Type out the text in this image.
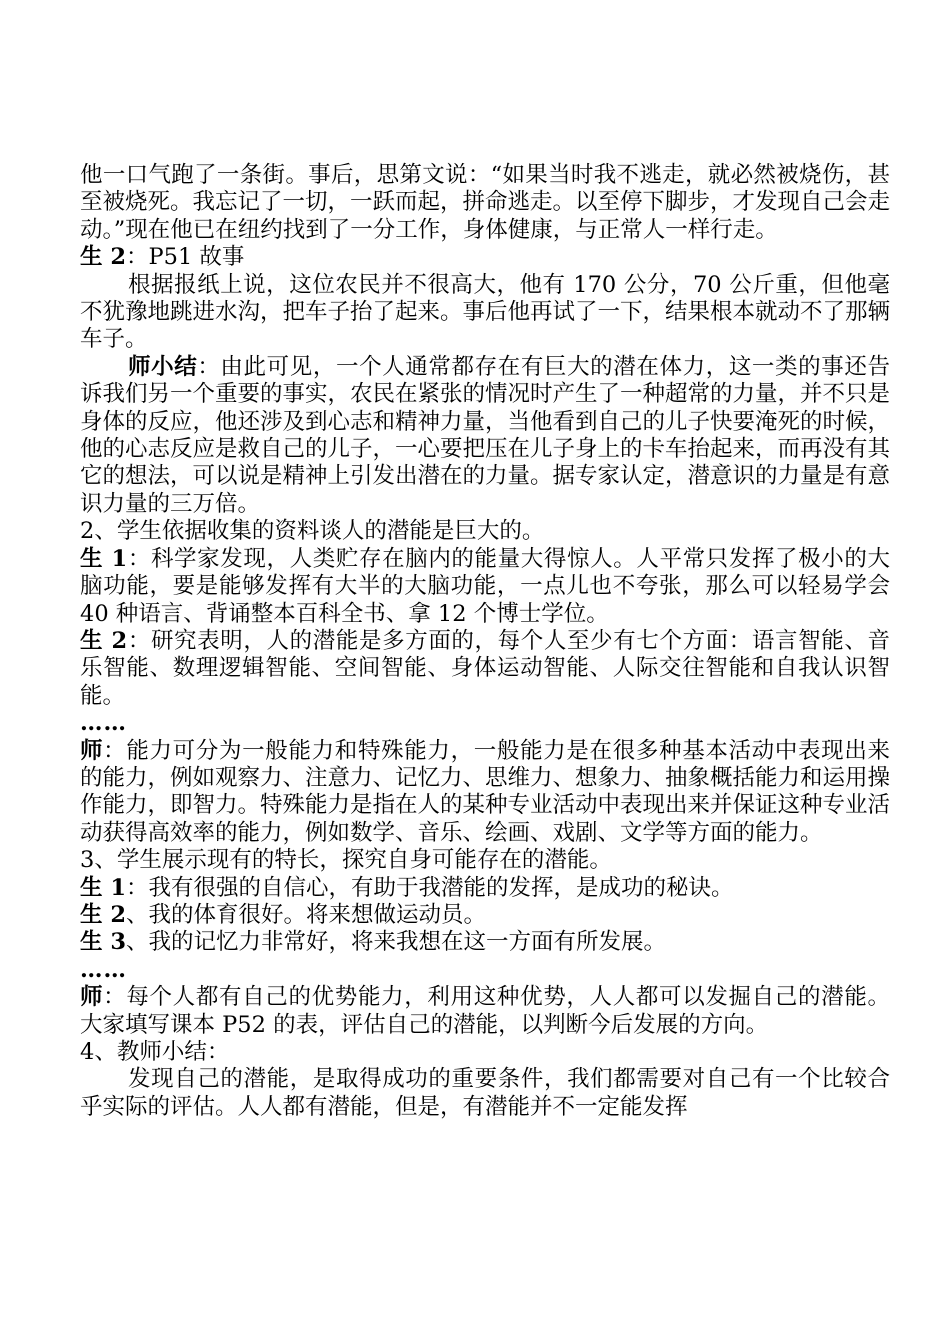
他一口气跑了一条街。事后，思第文说：“如果当时我不逃走，就必然被烧伤，甚至被烧死。我忘记了一切，一跃而起，拼命逃走。以至停下脚步，才发现自己会走动。”现在他已在纽约找到了一分工作，身体健康，与正常人一样行走。

生 2：P51 故事

根据报纸上说，这位农民并不很高大，他有 170 公分，70 公斤重，但他毫不犹豫地跳进水沟，把车子抬了起来。事后他再试了一下，结果根本就动不了那辆车子。

师小结：由此可见，一个人通常都存在有巨大的潜在体力，这一类的事还告诉我们另一个重要的事实，农民在紧张的情况时产生了一种超常的力量，并不只是身体的反应，他还涉及到心志和精神力量，当他看到自己的儿子快要淹死的时候，他的心志反应是救自己的儿子，一心要把压在儿子身上的卡车抬起来，而再没有其它的想法，可以说是精神上引发出潜在的力量。据专家认定，潜意识的力量是有意识力量的三万倍。

2、学生依据收集的资料谈人的潜能是巨大的。

生 1：科学家发现，人类贮存在脑内的能量大得惊人。人平常只发挥了极小的大脑功能，要是能够发挥有大半的大脑功能，一点儿也不夸张，那么可以轻易学会 40 种语言、背诵整本百科全书、拿 12 个博士学位。

生 2：研究表明，人的潜能是多方面的，每个人至少有七个方面：语言智能、音乐智能、数理逻辑智能、空间智能、身体运动智能、人际交往智能和自我认识智能。

……

师：能力可分为一般能力和特殊能力，一般能力是在很多种基本活动中表现出来的能力，例如观察力、注意力、记忆力、思维力、想象力、抽象概括能力和运用操作能力，即智力。特殊能力是指在人的某种专业活动中表现出来并保证这种专业活动获得高效率的能力，例如数学、音乐、绘画、戏剧、文学等方面的能力。

3、学生展示现有的特长，探究自身可能存在的潜能。

生 1：我有很强的自信心，有助于我潜能的发挥，是成功的秘诀。

生 2、我的体育很好。将来想做运动员。

生 3、我的记忆力非常好，将来我想在这一方面有所发展。

……

师：每个人都有自己的优势能力，利用这种优势，人人都可以发掘自己的潜能。大家填写课本 P52 的表，评估自己的潜能，以判断今后发展的方向。

4、教师小结：

发现自己的潜能，是取得成功的重要条件，我们都需要对自己有一个比较合乎实际的评估。人人都有潜能，但是，有潜能并不一定能发挥
